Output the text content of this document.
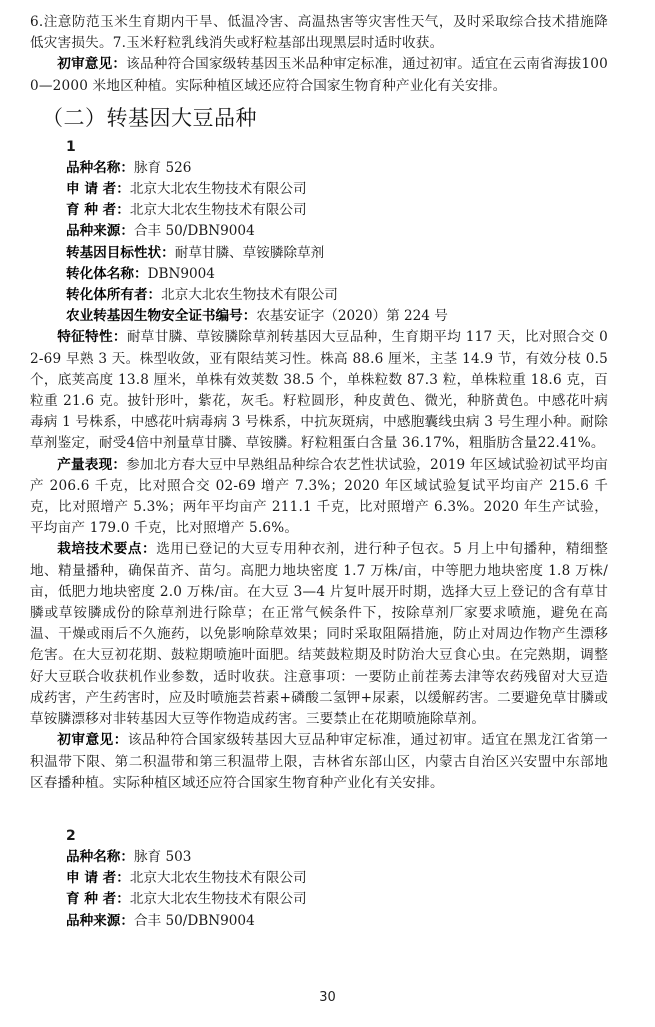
6.注意防范玉米生育期内干旱、低温冷害、高温热害等灾害性天气，及时采取综合技术措施降低灾害损失。7.玉米籽粒乳线消失或籽粒基部出现黑层时适时收获。

初审意见：该品种符合国家级转基因玉米品种审定标准，通过初审。适宜在云南省海拔1000—2000 米地区种植。实际种植区域还应符合国家生物育种产业化有关安排。

（二）转基因大豆品种

1

品种名称：脉育 526

申 请 者：北京大北农生物技术有限公司

育 种 者：北京大北农生物技术有限公司

品种来源：合丰 50/DBN9004

转基因目标性状：耐草甘膦、草铵膦除草剂

转化体名称：DBN9004

转化体所有者：北京大北农生物技术有限公司

农业转基因生物安全证书编号：农基安证字（2020）第 224 号

特征特性：耐草甘膦、草铵膦除草剂转基因大豆品种，生育期平均 117 天，比对照合交 02-69 早熟 3 天。株型收敛，亚有限结荚习性。株高 88.6 厘米，主茎 14.9 节，有效分枝 0.5 个，底荚高度 13.8 厘米，单株有效荚数 38.5 个，单株粒数 87.3 粒，单株粒重 18.6 克，百粒重 21.6 克。披针形叶，紫花，灰毛。籽粒圆形，种皮黄色、微光，种脐黄色。中感花叶病毒病 1 号株系，中感花叶病毒病 3 号株系，中抗灰斑病，中感胞囊线虫病 3 号生理小种。耐除草剂鉴定，耐受4倍中剂量草甘膦、草铵膦。籽粒粗蛋白含量 36.17%，粗脂肪含量22.41%。

产量表现：参加北方春大豆中早熟组品种综合农艺性状试验，2019 年区域试验初试平均亩产 206.6 千克，比对照合交 02-69 增产 7.3%；2020 年区域试验复试平均亩产 215.6 千克，比对照增产 5.3%；两年平均亩产 211.1 千克，比对照增产 6.3%。2020 年生产试验，平均亩产 179.0 千克，比对照增产 5.6%。

栽培技术要点：选用已登记的大豆专用种衣剂，进行种子包衣。5 月上中旬播种，精细整地、精量播种，确保苗齐、苗匀。高肥力地块密度 1.7 万株/亩，中等肥力地块密度 1.8 万株/亩，低肥力地块密度 2.0 万株/亩。在大豆 3—4 片复叶展开时期，选择大豆上登记的含有草甘膦或草铵膦成份的除草剂进行除草；在正常气候条件下，按除草剂厂家要求喷施，避免在高温、干燥或雨后不久施药，以免影响除草效果；同时采取阻隔措施，防止对周边作物产生漂移危害。在大豆初花期、鼓粒期喷施叶面肥。结荚鼓粒期及时防治大豆食心虫。在完熟期，调整好大豆联合收获机作业参数，适时收获。注意事项：一要防止前茬莠去津等农药残留对大豆造成药害，产生药害时，应及时喷施芸苔素+磷酸二氢钾+尿素，以缓解药害。二要避免草甘膦或草铵膦漂移对非转基因大豆等作物造成药害。三要禁止在花期喷施除草剂。

初审意见：该品种符合国家级转基因大豆品种审定标准，通过初审。适宜在黑龙江省第一积温带下限、第二积温带和第三积温带上限，吉林省东部山区，内蒙古自治区兴安盟中东部地区春播种植。实际种植区域还应符合国家生物育种产业化有关安排。

2

品种名称：脉育 503

申 请 者：北京大北农生物技术有限公司

育 种 者：北京大北农生物技术有限公司

品种来源：合丰 50/DBN9004

30
